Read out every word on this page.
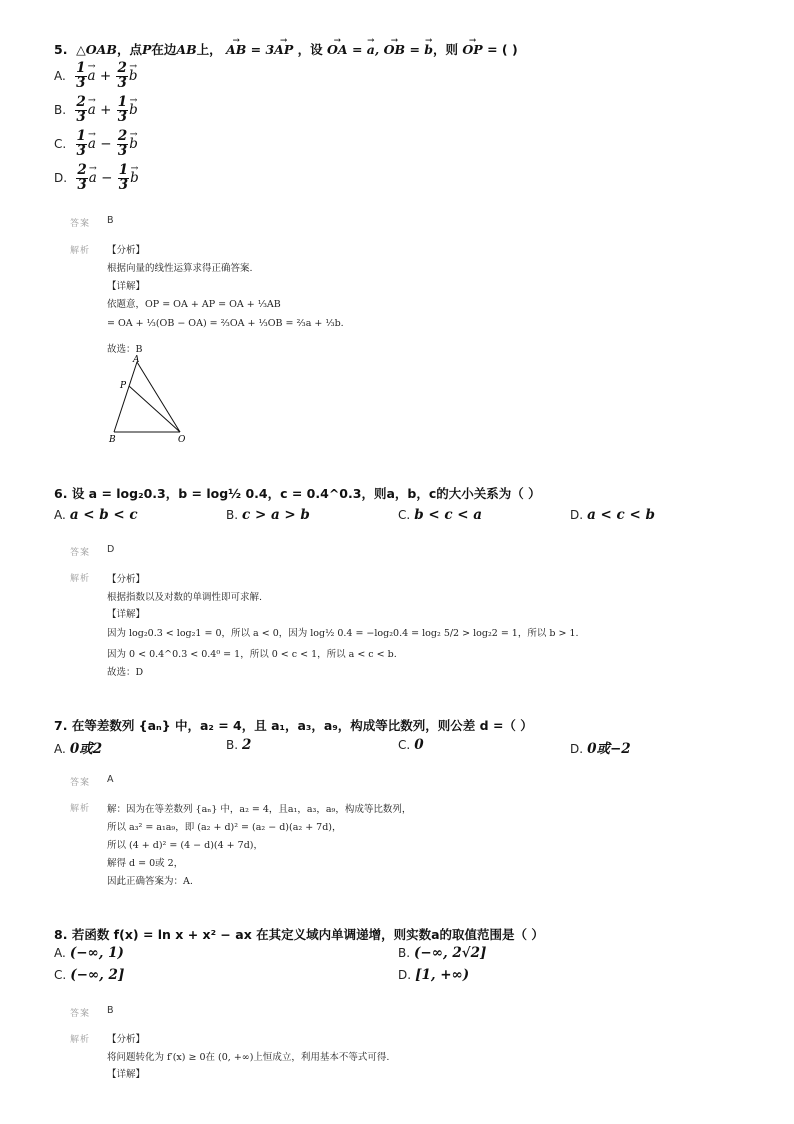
5. △OAB，点P在边AB上， → AB = 3→ AP ，设 → OA = → a, → OB = → b，则 → OP = ( )
A. $\frac{1}{3}$
→ $a + \frac{2}{3}$
→ b
B. $\frac{2}{3}$
→ $a + \frac{1}{3}$
→ b
C. $\frac{1}{3}$
→ $a - \frac{2}{3}$
→ b
D. $\frac{2}{3}$
→ $a - \frac{1}{3}$
→ b
答案 B
解析 【分析】
根据向量的线性运算求得正确答案.
【详解】
依题意，OP = OA + AP = OA + ⅓AB
= OA + ⅓(OB − OA) = ⅔OA + ⅓OB = ⅔a + ⅓b.
故选：B
A
P
B	O
6. 设 a = log₂0.3，b = log½ 0.4，c = 0.4^0.3，则a，b，c的大小关系为（ ）
A. a < b < c	B. c > a > b	C. b < c < a	D. a < c < b
答案 D
解析 【分析】
根据指数以及对数的单调性即可求解.
【详解】
因为 log₂0.3 < log₂1 = 0，所以 a < 0，因为 log½ 0.4 = −log₂0.4 = log₂ 5/2 > log₂2 = 1，所以 b > 1.
因为 0 < 0.4^0.3 < 0.4⁰ = 1，所以 0 < c < 1，所以 a < c < b.
故选：D
7. 在等差数列 {aₙ} 中，a₂ = 4，且 a₁，a₃，a₉，构成等比数列，则公差 d =（ ）
A. 0或2	B. 2	C. 0	D. 0或−2
答案 A
解析 解：因为在等差数列 {aₙ} 中，a₂ = 4，且a₁，a₃，a₉，构成等比数列，
所以 a₃² = a₁a₉，即 (a₂ + d)² = (a₂ − d)(a₂ + 7d)，
所以 (4 + d)² = (4 − d)(4 + 7d)，
解得 d = 0或 2，
因此正确答案为：A.
8. 若函数 f(x) = ln x + x² − ax 在其定义域内单调递增，则实数a的取值范围是（ ）
A. (−∞, 1)	B. (−∞, 2√2]
C. (−∞, 2]	D. [1, +∞)
答案 B
解析 【分析】
将问题转化为 f′(x) ≥ 0在 (0, +∞)上恒成立，利用基本不等式可得.
【详解】
